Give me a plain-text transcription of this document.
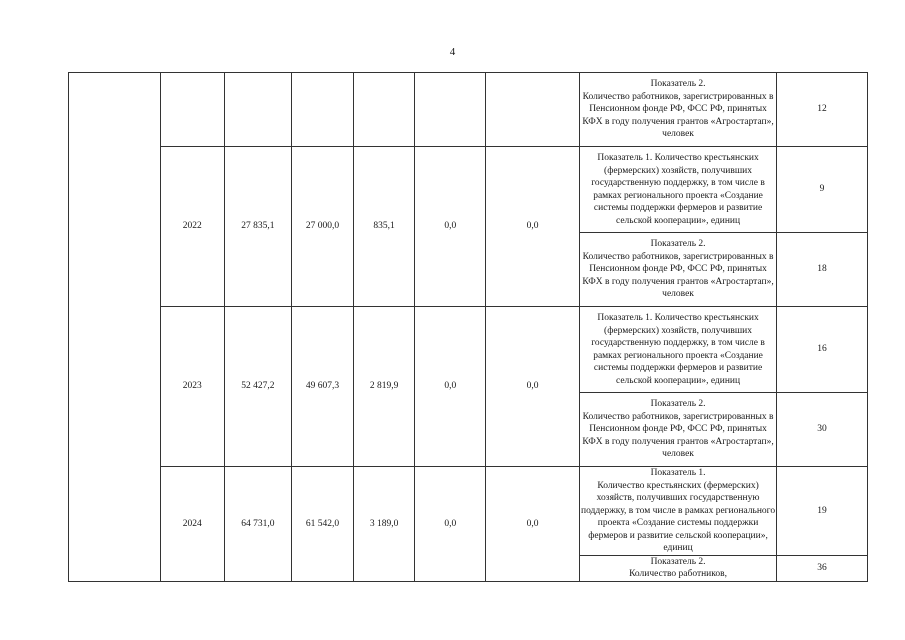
4

							Показатель 2.
Количество работников, зарегистрированных в Пенсионном фонде РФ, ФСС РФ, принятых КФХ в году получения грантов «Агростартап», человек	12
	2022	27 835,1	27 000,0	835,1	0,0	0,0	Показатель 1. Количество крестьянских (фермерских) хозяйств, получивших государственную поддержку, в том числе в рамках регионального проекта «Создание системы поддержки фермеров и развитие сельской кооперации», единиц	9

							Показатель 2.
Количество работников, зарегистрированных в Пенсионном фонде РФ, ФСС РФ, принятых КФХ в году получения грантов «Агростартап», человек	18
	2023	52 427,2	49 607,3	2 819,9	0,0	0,0	Показатель 1. Количество крестьянских (фермерских) хозяйств, получивших государственную поддержку, в том числе в рамках регионального проекта «Создание системы поддержки фермеров и развитие сельской кооперации», единиц	16

							Показатель 2.
Количество работников, зарегистрированных в Пенсионном фонде РФ, ФСС РФ, принятых КФХ в году получения грантов «Агростартап», человек	30
	2024	64 731,0	61 542,0	3 189,0	0,0	0,0	Показатель 1.
Количество крестьянских (фермерских) хозяйств, получивших государственную поддержку, в том числе в рамках регионального проекта «Создание системы поддержки фермеров и развитие сельской кооперации», единиц	19

							Показатель 2.
Количество работников,	36
